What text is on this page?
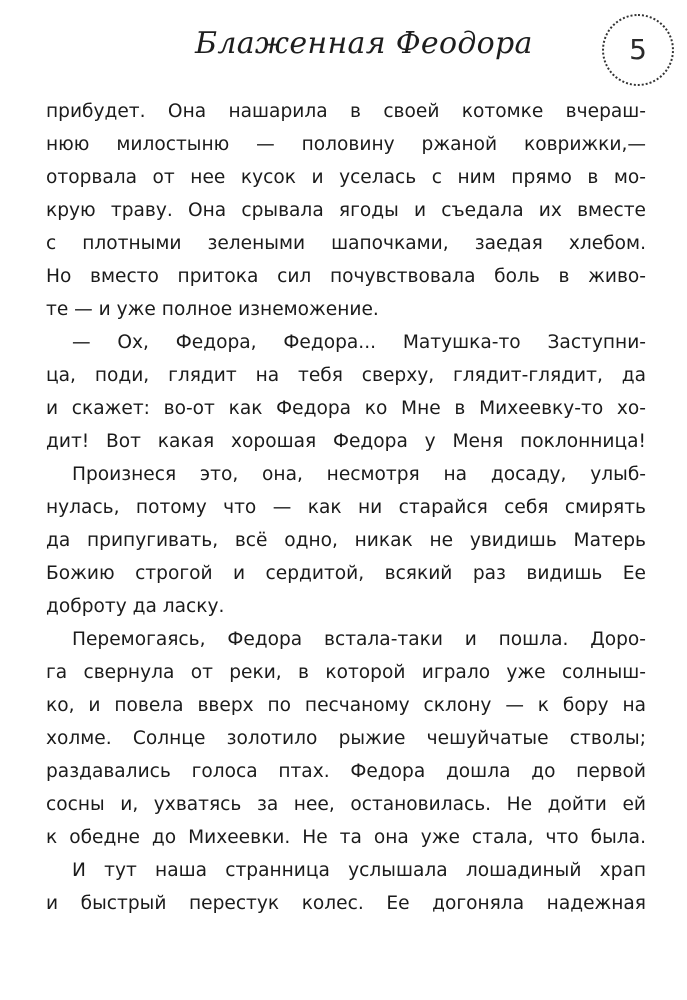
Блаженная Феодора	5
прибудет. Она нашарила в своей котомке вчераш-
нюю милостыню — половину ржаной коврижки,—
оторвала от нее кусок и уселась с ним прямо в мо-
крую траву. Она срывала ягоды и съедала их вместе
с плотными зелеными шапочками, заедая хлебом.
Но вместо притока сил почувствовала боль в живо-
те — и уже полное изнеможение.
— Ох, Федора, Федора... Матушка-то Заступни-
ца, поди, глядит на тебя сверху, глядит-глядит, да
и скажет: во-от как Федора ко Мне в Михеевку-то хо-
дит! Вот какая хорошая Федора у Меня поклонница!
Произнеся это, она, несмотря на досаду, улыб-
нулась, потому что — как ни старайся себя смирять
да припугивать, всё одно, никак не увидишь Матерь
Божию строгой и сердитой, всякий раз видишь Ее
доброту да ласку.
Перемогаясь, Федора встала-таки и пошла. Доро-
га свернула от реки, в которой играло уже солныш-
ко, и повела вверх по песчаному склону — к бору на
холме. Солнце золотило рыжие чешуйчатые стволы;
раздавались голоса птах. Федора дошла до первой
сосны и, ухватясь за нее, остановилась. Не дойти ей
к обедне до Михеевки. Не та она уже стала, что была.
И тут наша странница услышала лошадиный храп
и быстрый перестук колес. Ее догоняла надежная
